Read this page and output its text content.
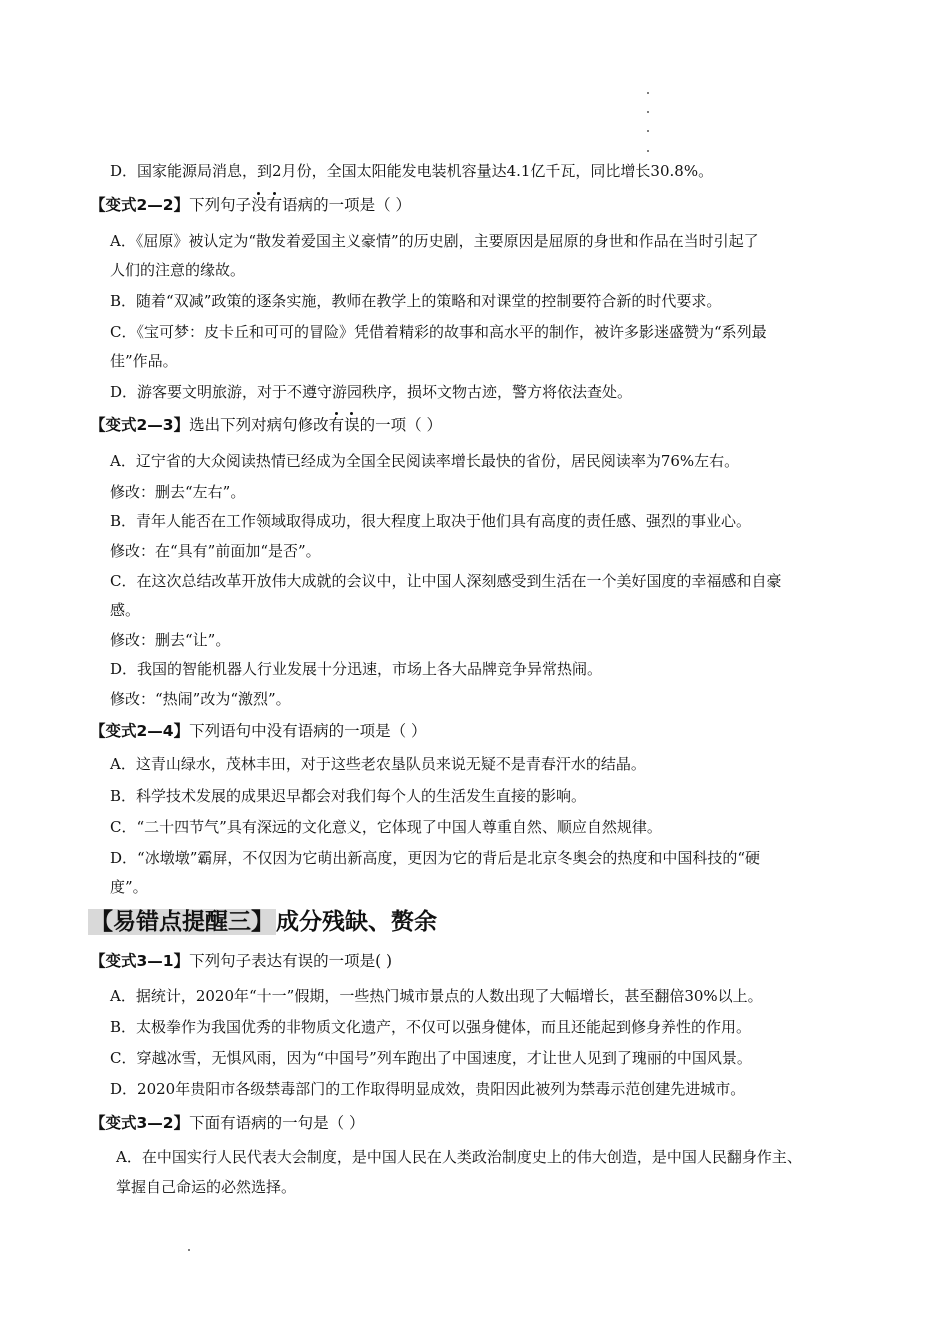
D．国家能源局消息，到2月份，全国太阳能发电装机容量达4.1亿千瓦，同比增长30.8%。
【变式2—2】下列句子没有语病的一项是（ ）
A．《屈原》被认定为“散发着爱国主义豪情”的历史剧，主要原因是屈原的身世和作品在当时引起了
人们的注意的缘故。
B．随着“双减”政策的逐条实施，教师在教学上的策略和对课堂的控制要符合新的时代要求。
C．《宝可梦：皮卡丘和可可的冒险》凭借着精彩的故事和高水平的制作，被许多影迷盛赞为“系列最
佳”作品。
D．游客要文明旅游，对于不遵守游园秩序，损坏文物古迹，警方将依法查处。
【变式2—3】选出下列对病句修改有误的一项（ ）
A．辽宁省的大众阅读热情已经成为全国全民阅读率增长最快的省份，居民阅读率为76%左右。
修改：删去“左右”。
B．青年人能否在工作领域取得成功，很大程度上取决于他们具有高度的责任感、强烈的事业心。
修改：在“具有”前面加“是否”。
C．在这次总结改革开放伟大成就的会议中，让中国人深刻感受到生活在一个美好国度的幸福感和自豪
感。
修改：删去“让”。
D．我国的智能机器人行业发展十分迅速，市场上各大品牌竞争异常热闹。
修改：“热闹”改为“激烈”。
【变式2—4】下列语句中没有语病的一项是（ ）
A．这青山绿水，茂林丰田，对于这些老农垦队员来说无疑不是青春汗水的结晶。
B．科学技术发展的成果迟早都会对我们每个人的生活发生直接的影响。
C．“二十四节气”具有深远的文化意义，它体现了中国人尊重自然、顺应自然规律。
D．“冰墩墩”霸屏，不仅因为它萌出新高度，更因为它的背后是北京冬奥会的热度和中国科技的“硬
度”。
【易错点提醒三】成分残缺、赘余
【变式3—1】下列句子表达有误的一项是( )
A．据统计，2020年“十一”假期，一些热门城市景点的人数出现了大幅增长，甚至翻倍30%以上。
B．太极拳作为我国优秀的非物质文化遗产，不仅可以强身健体，而且还能起到修身养性的作用。
C．穿越冰雪，无惧风雨，因为“中国号”列车跑出了中国速度，才让世人见到了瑰丽的中国风景。
D．2020年贵阳市各级禁毒部门的工作取得明显成效，贵阳因此被列为禁毒示范创建先进城市。
【变式3—2】下面有语病的一句是（ ）
A．在中国实行人民代表大会制度，是中国人民在人类政治制度史上的伟大创造，是中国人民翻身作主、
掌握自己命运的必然选择。
